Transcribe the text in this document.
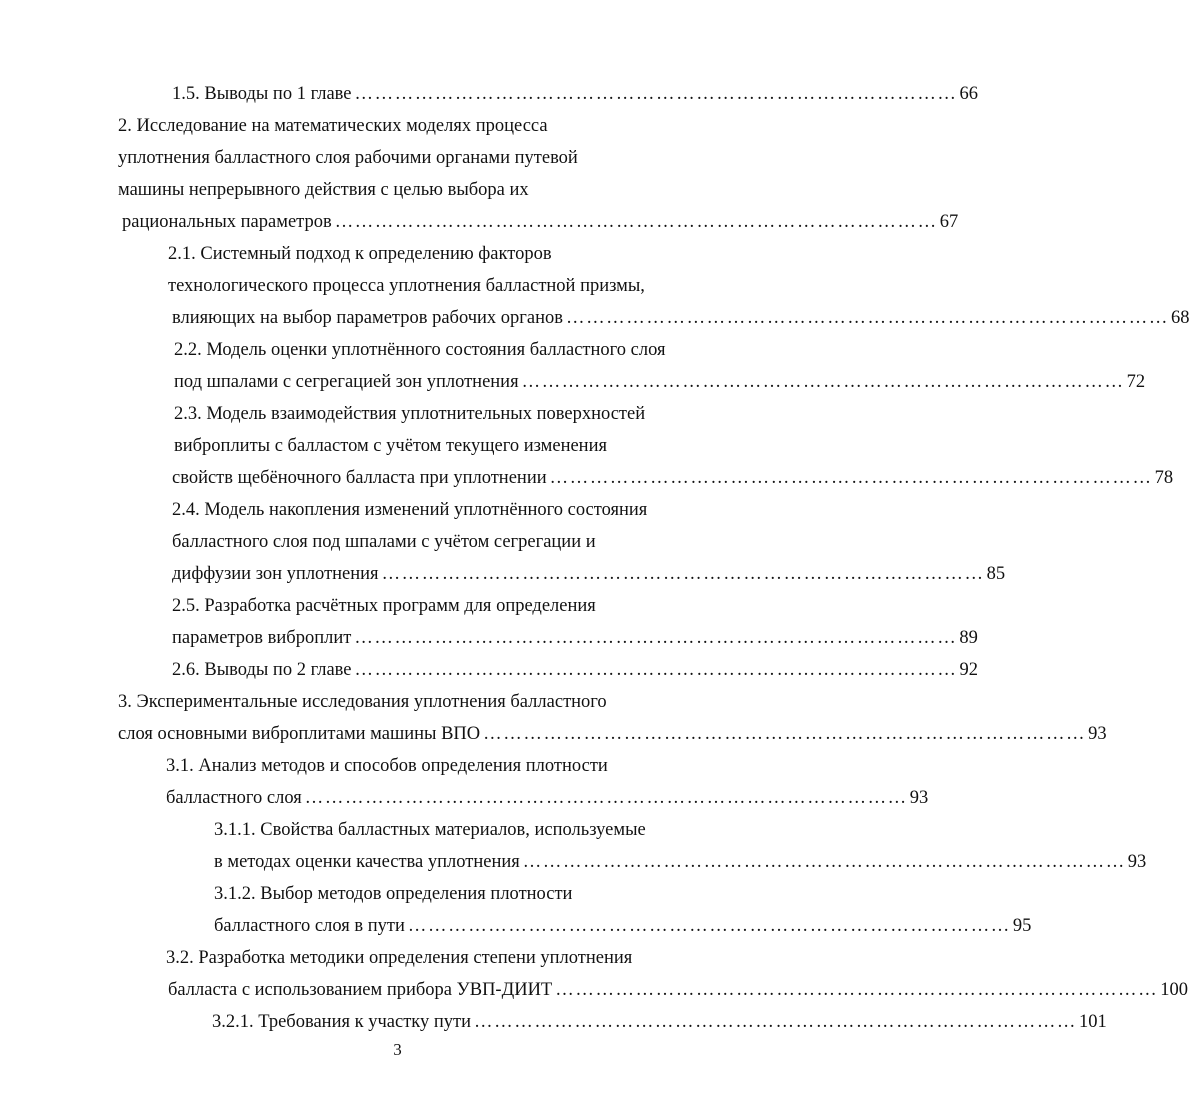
1.5. Выводы по 1 главе ……………………………………………………………………………… 66
2. Исследование на математических моделях процесса
уплотнения балластного слоя рабочими органами путевой
машины непрерывного действия с целью выбора их
рациональных параметров ……………………………………………………………………………… 67
2.1. Системный подход к определению факторов
технологического процесса уплотнения балластной призмы,
влияющих на выбор параметров рабочих органов ……………………………………………………………………………… 68
2.2. Модель оценки уплотнённого состояния балластного слоя
под шпалами с сегрегацией зон уплотнения ……………………………………………………………………………… 72
2.3. Модель взаимодействия уплотнительных поверхностей
виброплиты с балластом с учётом текущего изменения
свойств щебёночного балласта при уплотнении ……………………………………………………………………………… 78
2.4. Модель накопления изменений уплотнённого состояния
балластного слоя под шпалами с учётом сегрегации и
диффузии зон уплотнения ……………………………………………………………………………… 85
2.5. Разработка расчётных программ для определения
параметров виброплит ……………………………………………………………………………… 89
2.6. Выводы по 2 главе ……………………………………………………………………………… 92
3. Экспериментальные исследования уплотнения балластного
слоя основными виброплитами машины ВПО ……………………………………………………………………………… 93
3.1. Анализ методов и способов определения плотности
балластного слоя ……………………………………………………………………………… 93
3.1.1. Свойства балластных материалов, используемые
в методах оценки качества уплотнения ……………………………………………………………………………… 93
3.1.2. Выбор методов определения плотности
балластного слоя в пути ……………………………………………………………………………… 95
3.2. Разработка методики определения степени уплотнения
балласта с использованием прибора УВП-ДИИТ ……………………………………………………………………………… 100
3.2.1. Требования к участку пути ……………………………………………………………………………… 101
3
